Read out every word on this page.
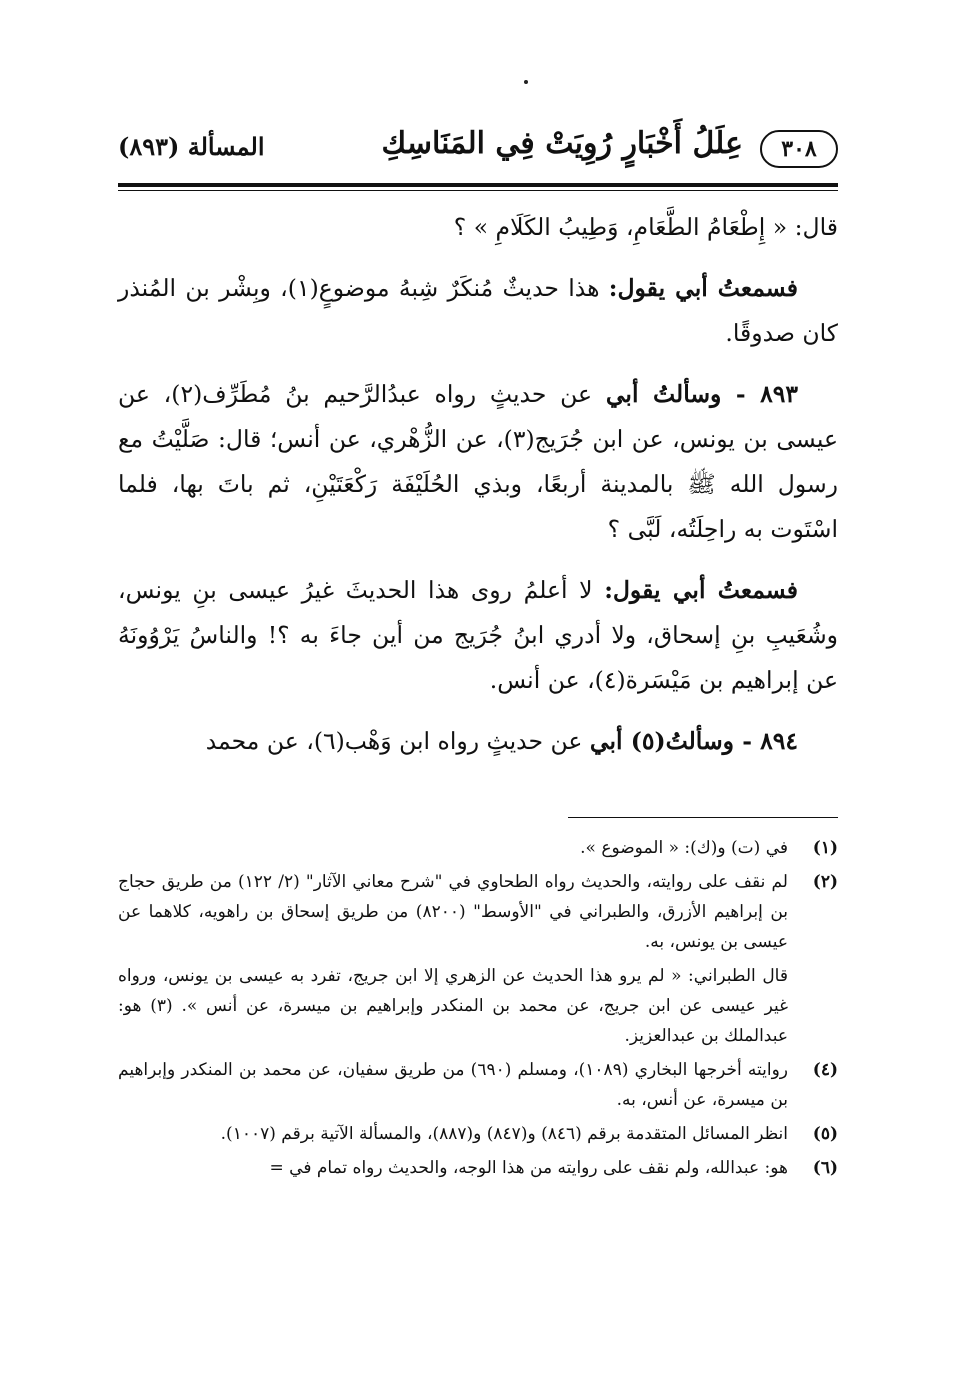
٣٠٨
عِلَلُ أَخْبَارٍ رُوِيَتْ فِي المَنَاسِكِ
المسألة (٨٩٣)

قال: « إِطْعَامُ الطَّعَامِ، وَطِيبُ الكَلَامِ » ؟

فسمعتُ أبي يقول: هذا حديثٌ مُنكَرٌ شِبهُ موضوعٍ(١)، وبِشْر بن المُنذر كان صدوقًا.

٨٩٣ - وسألتُ أبي عن حديثٍ رواه عبدُالرَّحيم بنُ مُطَرِّف(٢)، عن عيسى بن يونس، عن ابن جُرَيج(٣)، عن الزُّهْري، عن أنس؛ قال: صَلَّيْتُ مع رسول الله ﷺ بالمدينة أربعًا، وبذي الحُلَيْفَة رَكْعَتَيْنِ، ثم باتَ بها، فلما اسْتَوت به راحِلَتُه، لَبَّى ؟

فسمعتُ أبي يقول: لا أعلمُ روى هذا الحديثَ غيرُ عيسى بنِ يونس، وشُعَيبِ بنِ إسحاق، ولا أدري ابنُ جُرَيج من أين جاءَ به ؟! والناسُ يَرْوُونَهُ عن إبراهيم بن مَيْسَرة(٤)، عن أنس.

٨٩٤ - وسألتُ(٥) أبي عن حديثٍ رواه ابن وَهْب(٦)، عن محمد

(١)
في (ت) و(ك): « الموضوع ».
(٢)
لم نقف على روايته، والحديث رواه الطحاوي في "شرح معاني الآثار" (٢/ ١٢٢) من طريق حجاج بن إبراهيم الأزرق، والطبراني في "الأوسط" (٨٢٠٠) من طريق إسحاق بن راهويه، كلاهما عن عيسى بن يونس، به.
قال الطبراني: « لم يرو هذا الحديث عن الزهري إلا ابن جريج، تفرد به عيسى بن يونس، ورواه غير عيسى عن ابن جريج، عن محمد بن المنكدر وإبراهيم بن ميسرة، عن أنس ». (٣) هو: عبدالملك بن عبدالعزيز.
(٤)
روايته أخرجها البخاري (١٠٨٩)، ومسلم (٦٩٠) من طريق سفيان، عن محمد بن المنكدر وإبراهيم بن ميسرة، عن أنس، به.
(٥)
انظر المسائل المتقدمة برقم (٨٤٦) و(٨٤٧) و(٨٨٧)، والمسألة الآتية برقم (١٠٠٧).
(٦)
هو: عبدالله، ولم نقف على روايته من هذا الوجه، والحديث رواه تمام في =
